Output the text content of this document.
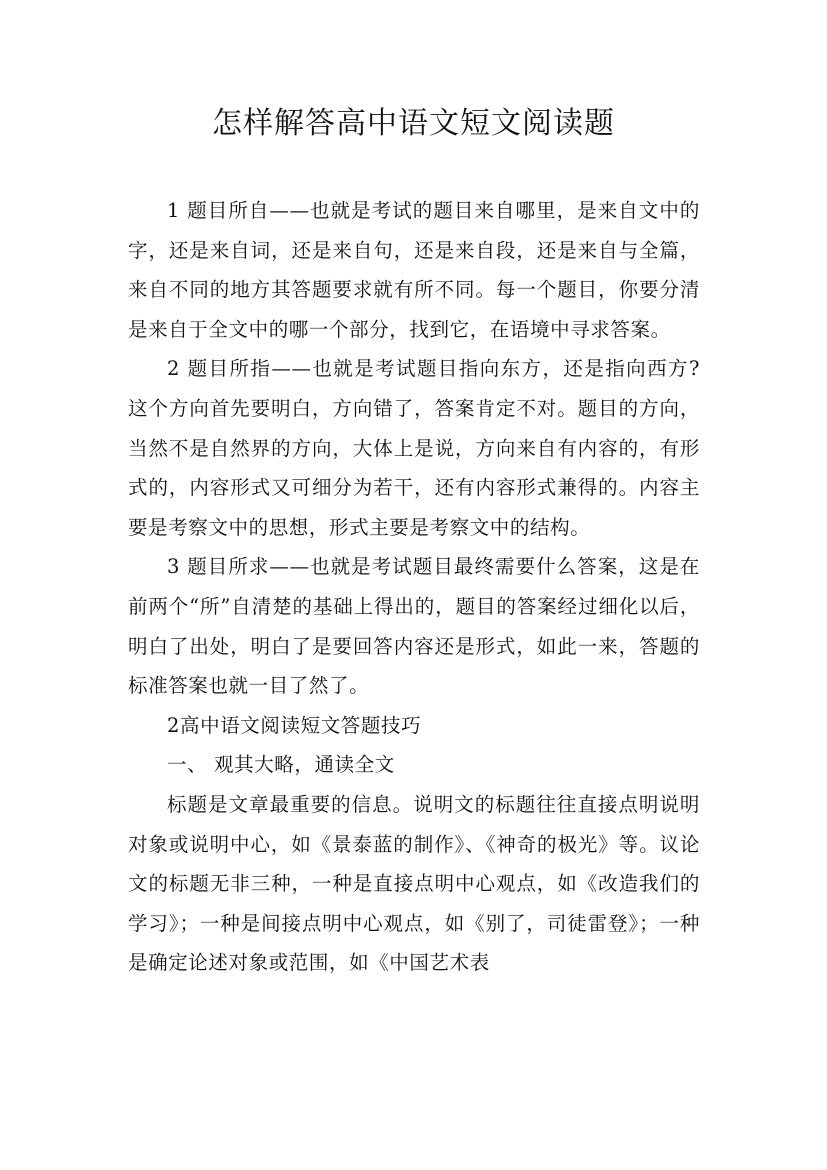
怎样解答高中语文短文阅读题

1 题目所自——也就是考试的题目来自哪里，是来自文中的字，还是来自词，还是来自句，还是来自段，还是来自与全篇，来自不同的地方其答题要求就有所不同。每一个题目，你要分清是来自于全文中的哪一个部分，找到它，在语境中寻求答案。

2 题目所指——也就是考试题目指向东方，还是指向西方?这个方向首先要明白，方向错了，答案肯定不对。题目的方向，当然不是自然界的方向，大体上是说，方向来自有内容的，有形式的，内容形式又可细分为若干，还有内容形式兼得的。内容主要是考察文中的思想，形式主要是考察文中的结构。

3 题目所求——也就是考试题目最终需要什么答案，这是在前两个“所”自清楚的基础上得出的，题目的答案经过细化以后，明白了出处，明白了是要回答内容还是形式，如此一来，答题的标准答案也就一目了然了。

2高中语文阅读短文答题技巧

一、 观其大略，通读全文

标题是文章最重要的信息。说明文的标题往往直接点明说明对象或说明中心，如《景泰蓝的制作》、《神奇的极光》等。议论文的标题无非三种，一种是直接点明中心观点，如《改造我们的学习》；一种是间接点明中心观点，如《别了，司徒雷登》；一种是确定论述对象或范围，如《中国艺术表
